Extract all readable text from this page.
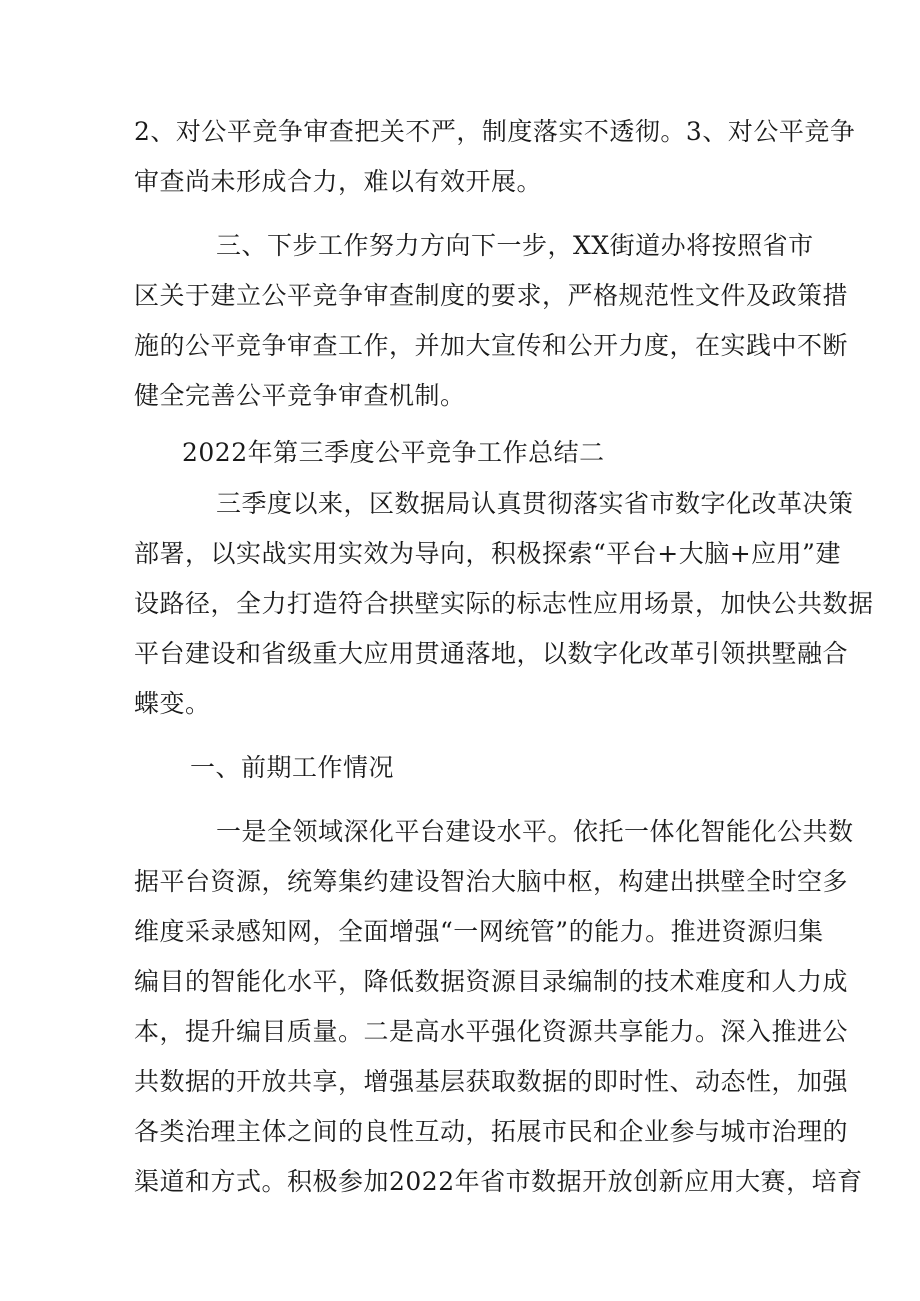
2、对公平竞争审查把关不严，制度落实不透彻。3、对公平竞争
审查尚未形成合力，难以有效开展。
三、下步工作努力方向下一步，XX街道办将按照省市
区关于建立公平竞争审查制度的要求，严格规范性文件及政策措
施的公平竞争审查工作，并加大宣传和公开力度，在实践中不断
健全完善公平竞争审查机制。
2022年第三季度公平竞争工作总结二
三季度以来，区数据局认真贯彻落实省市数字化改革决策
部署，以实战实用实效为导向，积极探索“平台+大脑+应用”建
设路径，全力打造符合拱壁实际的标志性应用场景，加快公共数据
平台建设和省级重大应用贯通落地，以数字化改革引领拱墅融合
蝶变。
一、前期工作情况
一是全领域深化平台建设水平。依托一体化智能化公共数
据平台资源，统筹集约建设智治大脑中枢，构建出拱壁全时空多
维度采录感知网，全面增强“一网统管”的能力。推进资源归集
编目的智能化水平，降低数据资源目录编制的技术难度和人力成
本，提升编目质量。二是高水平强化资源共享能力。深入推进公
共数据的开放共享，增强基层获取数据的即时性、动态性，加强
各类治理主体之间的良性互动，拓展市民和企业参与城市治理的
渠道和方式。积极参加2022年省市数据开放创新应用大赛，培育
